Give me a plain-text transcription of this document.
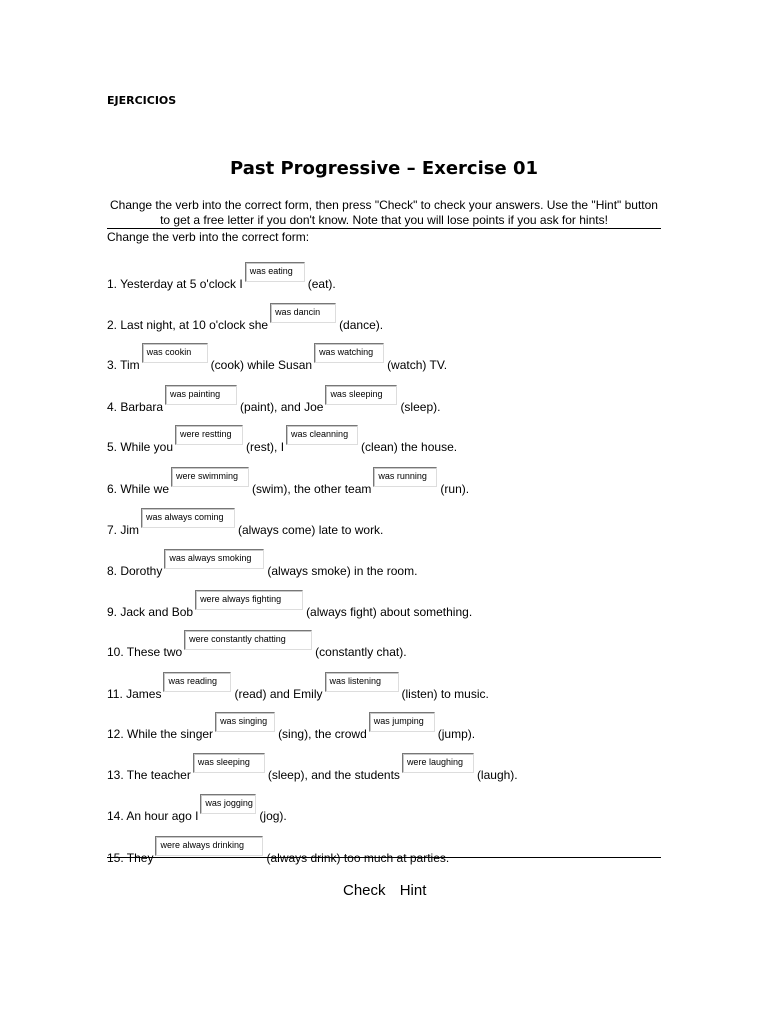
EJERCICIOS
Past Progressive – Exercise 01
Change the verb into the correct form, then press "Check" to check your answers. Use the "Hint" button to get a free letter if you don't know. Note that you will lose points if you ask for hints!
Change the verb into the correct form:
1. Yesterday at 5 o'clock Iwas eating(eat).
2. Last night, at 10 o'clock shewas dancin(dance).
3. Timwas cookin(cook) while Susanwas watching(watch) TV.
4. Barbarawas painting(paint), and Joewas sleeping(sleep).
5. While youwere restting(rest), Iwas cleanning(clean) the house.
6. While wewere swimming(swim), the other teamwas running(run).
7. Jimwas always coming(always come) late to work.
8. Dorothywas always smoking(always smoke) in the room.
9. Jack and Bobwere always fighting(always fight) about something.
10. These twowere constantly chatting(constantly chat).
11. Jameswas reading(read) and Emilywas listening(listen) to music.
12. While the singerwas singing(sing), the crowdwas jumping(jump).
13. The teacherwas sleeping(sleep), and the studentswere laughing(laugh).
14. An hour ago Iwas jogging(jog).
15. Theywere always drinking(always drink) too much at parties.
Check Hint
